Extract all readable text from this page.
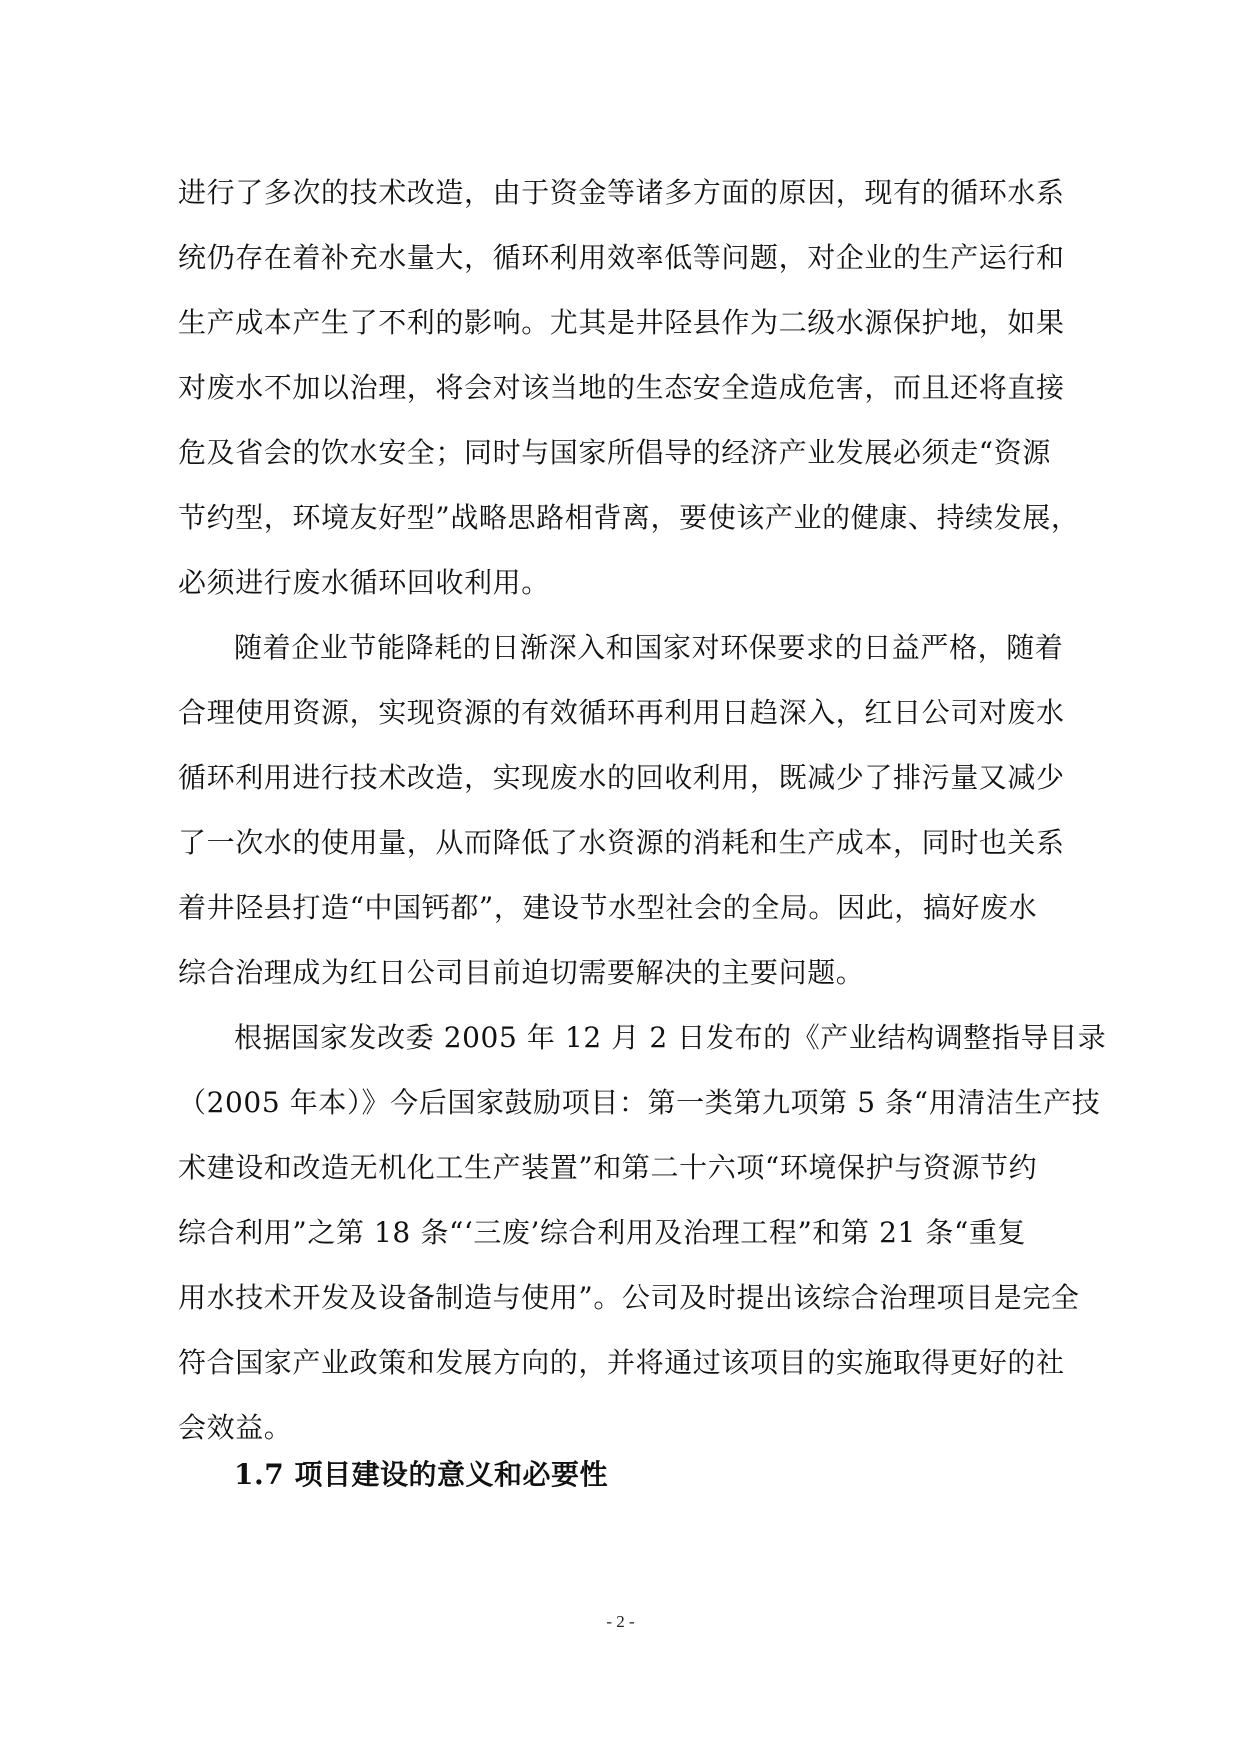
进行了多次的技术改造，由于资金等诸多方面的原因，现有的循环水系
统仍存在着补充水量大，循环利用效率低等问题，对企业的生产运行和
生产成本产生了不利的影响。尤其是井陉县作为二级水源保护地，如果
对废水不加以治理，将会对该当地的生态安全造成危害，而且还将直接
危及省会的饮水安全；同时与国家所倡导的经济产业发展必须走“资源
节约型，环境友好型”战略思路相背离，要使该产业的健康、持续发展，
必须进行废水循环回收利用。
随着企业节能降耗的日渐深入和国家对环保要求的日益严格，随着
合理使用资源，实现资源的有效循环再利用日趋深入，红日公司对废水
循环利用进行技术改造，实现废水的回收利用，既减少了排污量又减少
了一次水的使用量，从而降低了水资源的消耗和生产成本，同时也关系
着井陉县打造“中国钙都”，建设节水型社会的全局。因此，搞好废水
综合治理成为红日公司目前迫切需要解决的主要问题。
根据国家发改委 2005 年 12 月 2 日发布的《产业结构调整指导目录
（2005 年本）》今后国家鼓励项目：第一类第九项第 5 条“用清洁生产技
术建设和改造无机化工生产装置”和第二十六项“环境保护与资源节约
综合利用”之第 18 条“‘三废’综合利用及治理工程”和第 21 条“重复
用水技术开发及设备制造与使用”。公司及时提出该综合治理项目是完全
符合国家产业政策和发展方向的，并将通过该项目的实施取得更好的社
会效益。
1.7 项目建设的意义和必要性
- 2 -
